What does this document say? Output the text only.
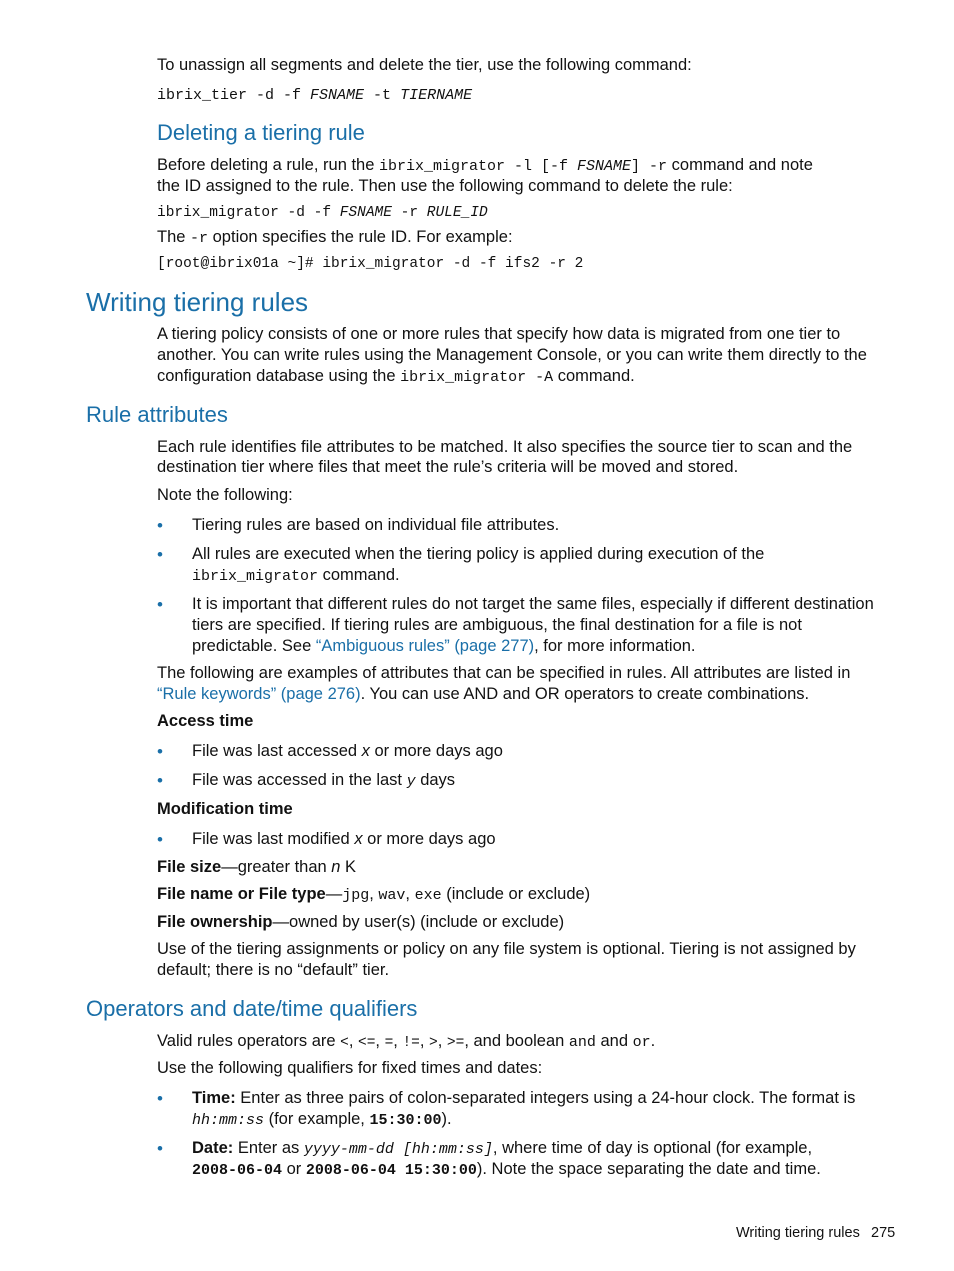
To unassign all segments and delete the tier, use the following command:
ibrix_tier -d -f FSNAME -t TIERNAME
Deleting a tiering rule
Before deleting a rule, run the ibrix_migrator -l [-f FSNAME] -r command and note
the ID assigned to the rule. Then use the following command to delete the rule:
ibrix_migrator -d -f FSNAME -r RULE_ID
The -r option specifies the rule ID. For example:
[root@ibrix01a ~]# ibrix_migrator -d -f ifs2 -r 2
Writing tiering rules
A tiering policy consists of one or more rules that specify how data is migrated from one tier to
another. You can write rules using the Management Console, or you can write them directly to the
configuration database using the ibrix_migrator -A command.
Rule attributes
Each rule identifies file attributes to be matched. It also specifies the source tier to scan and the
destination tier where files that meet the rule’s criteria will be moved and stored.
Note the following:
• Tiering rules are based on individual file attributes.
• All rules are executed when the tiering policy is applied during execution of the
ibrix_migrator command.
• It is important that different rules do not target the same files, especially if different destination
tiers are specified. If tiering rules are ambiguous, the final destination for a file is not
predictable. See “Ambiguous rules” (page 277), for more information.
The following are examples of attributes that can be specified in rules. All attributes are listed in
“Rule keywords” (page 276). You can use AND and OR operators to create combinations.
Access time
• File was last accessed x or more days ago
• File was accessed in the last y days
Modification time
• File was last modified x or more days ago
File size—greater than n K
File name or File type—jpg, wav, exe (include or exclude)
File ownership—owned by user(s) (include or exclude)
Use of the tiering assignments or policy on any file system is optional. Tiering is not assigned by
default; there is no “default” tier.
Operators and date/time qualifiers
Valid rules operators are <, <=, =, !=, >, >=, and boolean and and or.
Use the following qualifiers for fixed times and dates:
• Time: Enter as three pairs of colon-separated integers using a 24-hour clock. The format is
hh:mm:ss (for example, 15:30:00).
• Date: Enter as yyyy-mm-dd [hh:mm:ss], where time of day is optional (for example,
2008-06-04 or 2008-06-04 15:30:00). Note the space separating the date and time.
Writing tiering rules 275
